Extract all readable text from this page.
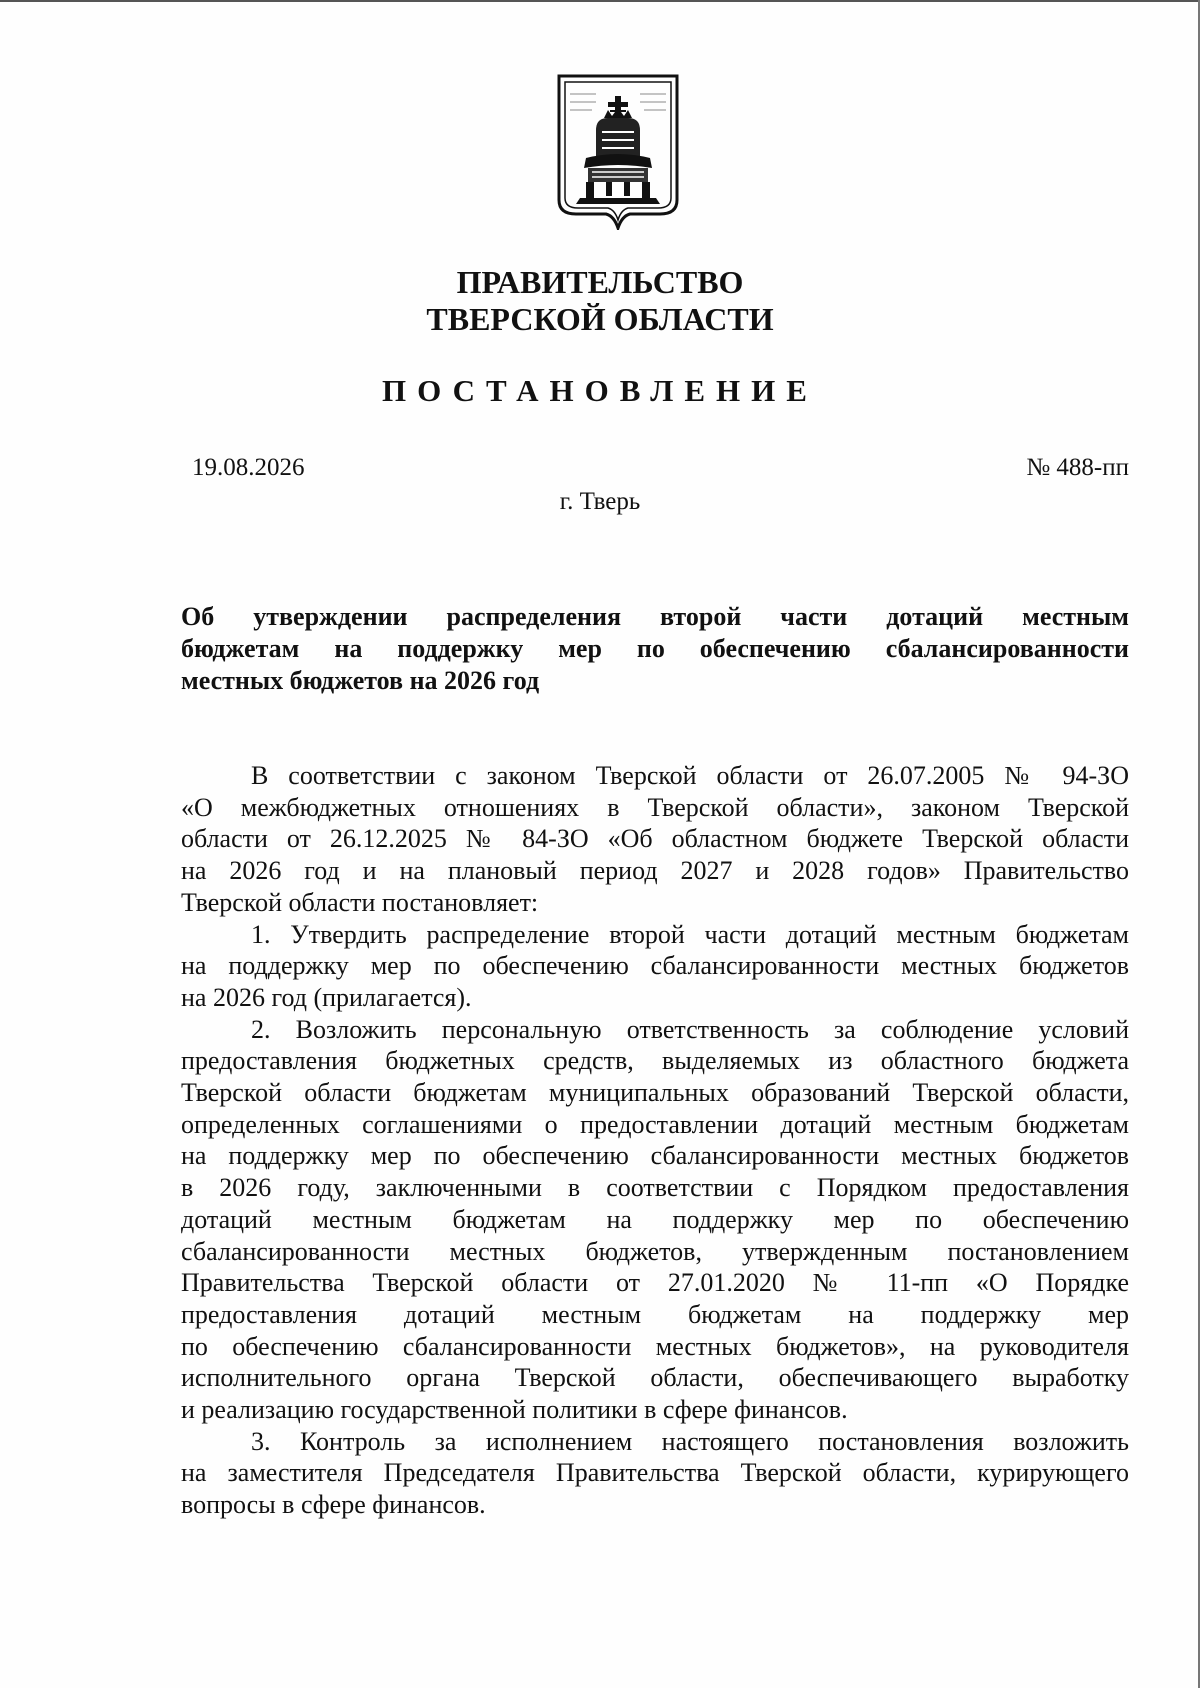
ПРАВИТЕЛЬСТВО
ТВЕРСКОЙ ОБЛАСТИ
ПОСТАНОВЛЕНИЕ
19.08.2026	№ 488-пп
г. Тверь
Об утверждении распределения второй части дотаций местным
бюджетам на поддержку мер по обеспечению сбалансированности
местных бюджетов на 2026 год
В соответствии с законом Тверской области от 26.07.2005 № 94-ЗО
«О межбюджетных отношениях в Тверской области», законом Тверской
области от 26.12.2025 № 84-ЗО «Об областном бюджете Тверской области
на 2026 год и на плановый период 2027 и 2028 годов» Правительство
Тверской области постановляет:
1. Утвердить распределение второй части дотаций местным бюджетам
на поддержку мер по обеспечению сбалансированности местных бюджетов
на 2026 год (прилагается).
2. Возложить персональную ответственность за соблюдение условий
предоставления бюджетных средств, выделяемых из областного бюджета
Тверской области бюджетам муниципальных образований Тверской области,
определенных соглашениями о предоставлении дотаций местным бюджетам
на поддержку мер по обеспечению сбалансированности местных бюджетов
в 2026 году, заключенными в соответствии с Порядком предоставления
дотаций местным бюджетам на поддержку мер по обеспечению
сбалансированности местных бюджетов, утвержденным постановлением
Правительства Тверской области от 27.01.2020 № 11-пп «О Порядке
предоставления дотаций местным бюджетам на поддержку мер
по обеспечению сбалансированности местных бюджетов», на руководителя
исполнительного органа Тверской области, обеспечивающего выработку
и реализацию государственной политики в сфере финансов.
3. Контроль за исполнением настоящего постановления возложить
на заместителя Председателя Правительства Тверской области, курирующего
вопросы в сфере финансов.
